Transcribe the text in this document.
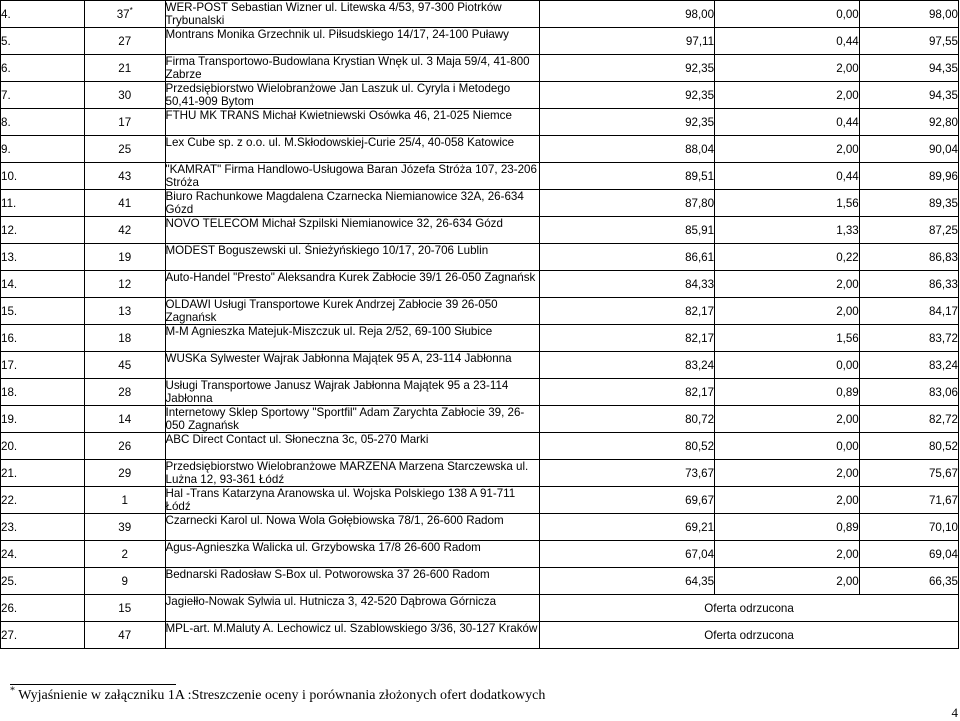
4.	37*	WER-POST Sebastian Wizner ul. Litewska 4/53, 97-300 Piotrków Trybunalski	98,00	0,00	98,00
5.	27	Montrans Monika Grzechnik ul. Piłsudskiego 14/17, 24-100 Puławy	97,11	0,44	97,55
6.	21	Firma Transportowo-Budowlana Krystian Wnęk ul. 3 Maja 59/4, 41-800 Zabrze	92,35	2,00	94,35
7.	30	Przedsiębiorstwo Wielobranżowe Jan Laszuk ul. Cyryla i Metodego 50,41-909 Bytom	92,35	2,00	94,35
8.	17	FTHU MK TRANS Michał Kwietniewski Osówka 46, 21-025 Niemce	92,35	0,44	92,80
9.	25	Lex Cube sp. z o.o. ul. M.Skłodowskiej-Curie 25/4, 40-058 Katowice	88,04	2,00	90,04
10.	43	"KAMRAT" Firma Handlowo-Usługowa Baran Józefa Stróża 107, 23-206 Stróża	89,51	0,44	89,96
11.	41	Biuro Rachunkowe Magdalena Czarnecka Niemianowice 32A, 26-634 Gózd	87,80	1,56	89,35
12.	42	NOVO TELECOM Michał Szpilski Niemianowice 32, 26-634 Gózd	85,91	1,33	87,25
13.	19	MODEST Boguszewski ul. Śnieżyńskiego 10/17, 20-706 Lublin	86,61	0,22	86,83
14.	12	Auto-Handel "Presto" Aleksandra Kurek Zabłocie 39/1 26-050 Zagnańsk	84,33	2,00	86,33
15.	13	OLDAWI Usługi Transportowe Kurek Andrzej Zabłocie 39 26-050 Zagnańsk	82,17	2,00	84,17
16.	18	M-M Agnieszka Matejuk-Miszczuk ul. Reja 2/52, 69-100 Słubice	82,17	1,56	83,72
17.	45	WUSKa Sylwester Wajrak Jabłonna Majątek 95 A, 23-114 Jabłonna	83,24	0,00	83,24
18.	28	Usługi Transportowe Janusz Wajrak Jabłonna Majątek 95 a 23-114 Jabłonna	82,17	0,89	83,06
19.	14	Internetowy Sklep Sportowy "Sportfil" Adam Zarychta Zabłocie 39, 26-050 Zagnańsk	80,72	2,00	82,72
20.	26	ABC Direct Contact ul. Słoneczna 3c, 05-270 Marki	80,52	0,00	80,52
21.	29	Przedsiębiorstwo Wielobranżowe MARZENA Marzena Starczewska ul. Lużna 12, 93-361 Łódź	73,67	2,00	75,67
22.	1	Hal -Trans Katarzyna Aranowska ul. Wojska Polskiego 138 A 91-711 Łódź	69,67	2,00	71,67
23.	39	Czarnecki Karol ul. Nowa Wola Gołębiowska 78/1, 26-600 Radom	69,21	0,89	70,10
24.	2	Agus-Agnieszka Walicka ul. Grzybowska 17/8 26-600 Radom	67,04	2,00	69,04
25.	9	Bednarski Radosław S-Box ul. Potworowska 37 26-600 Radom	64,35	2,00	66,35
26.	15	Jagiełło-Nowak Sylwia ul. Hutnicza 3, 42-520 Dąbrowa Górnicza	Oferta odrzucona		
27.	47	MPL-art. M.Maluty A. Lechowicz ul. Szablowskiego 3/36, 30-127 Kraków	Oferta odrzucona		
* Wyjaśnienie w załączniku 1A :Streszczenie oceny i porównania złożonych ofert dodatkowych
4
